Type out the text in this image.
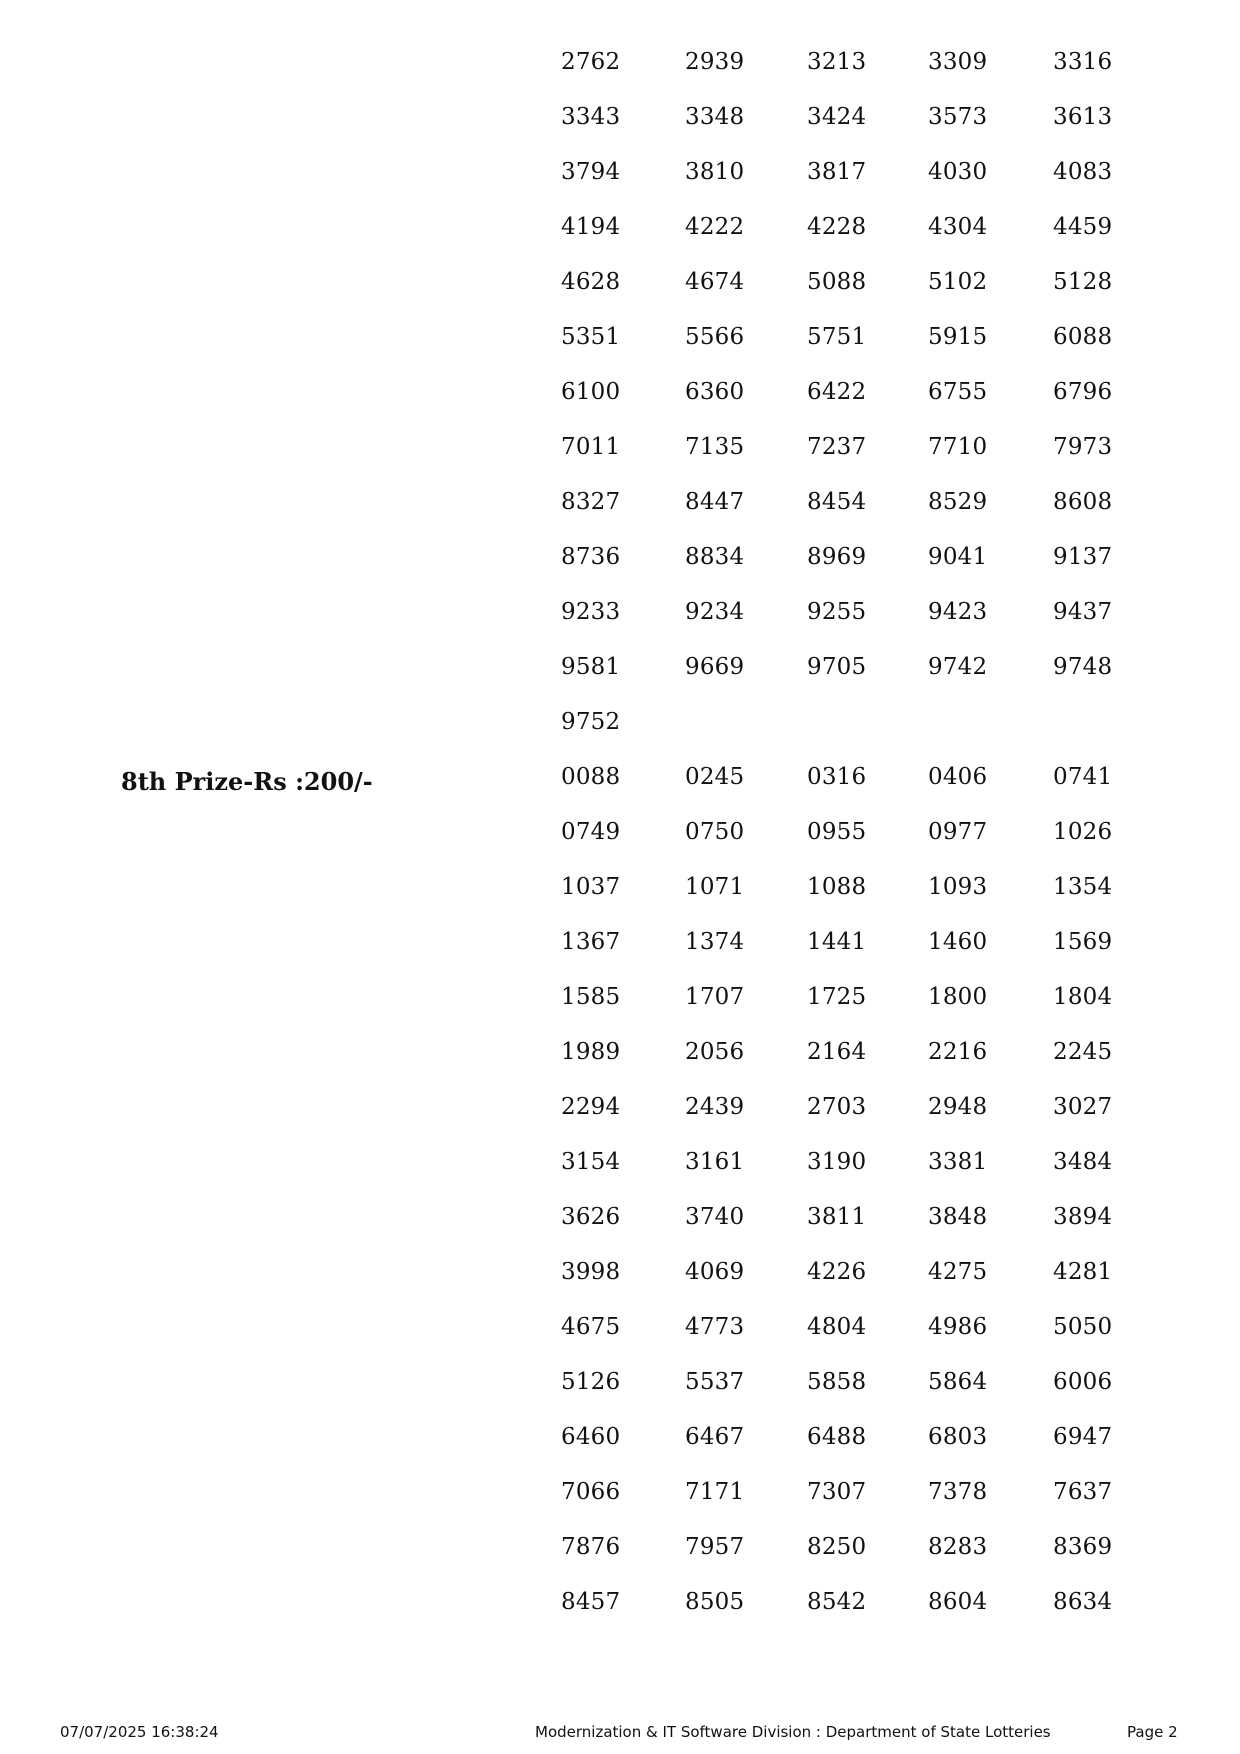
2762	2939	3213	3309	3316
3343	3348	3424	3573	3613
3794	3810	3817	4030	4083
4194	4222	4228	4304	4459
4628	4674	5088	5102	5128
5351	5566	5751	5915	6088
6100	6360	6422	6755	6796
7011	7135	7237	7710	7973
8327	8447	8454	8529	8608
8736	8834	8969	9041	9137
9233	9234	9255	9423	9437
9581	9669	9705	9742	9748
9752
0088	0245	0316	0406	0741
0749	0750	0955	0977	1026
1037	1071	1088	1093	1354
1367	1374	1441	1460	1569
1585	1707	1725	1800	1804
1989	2056	2164	2216	2245
2294	2439	2703	2948	3027
3154	3161	3190	3381	3484
3626	3740	3811	3848	3894
3998	4069	4226	4275	4281
4675	4773	4804	4986	5050
5126	5537	5858	5864	6006
6460	6467	6488	6803	6947
7066	7171	7307	7378	7637
7876	7957	8250	8283	8369
8457	8505	8542	8604	8634
8th Prize-Rs :200/-
07/07/2025 16:38:24	Modernization & IT Software Division : Department of State Lotteries	Page 2
